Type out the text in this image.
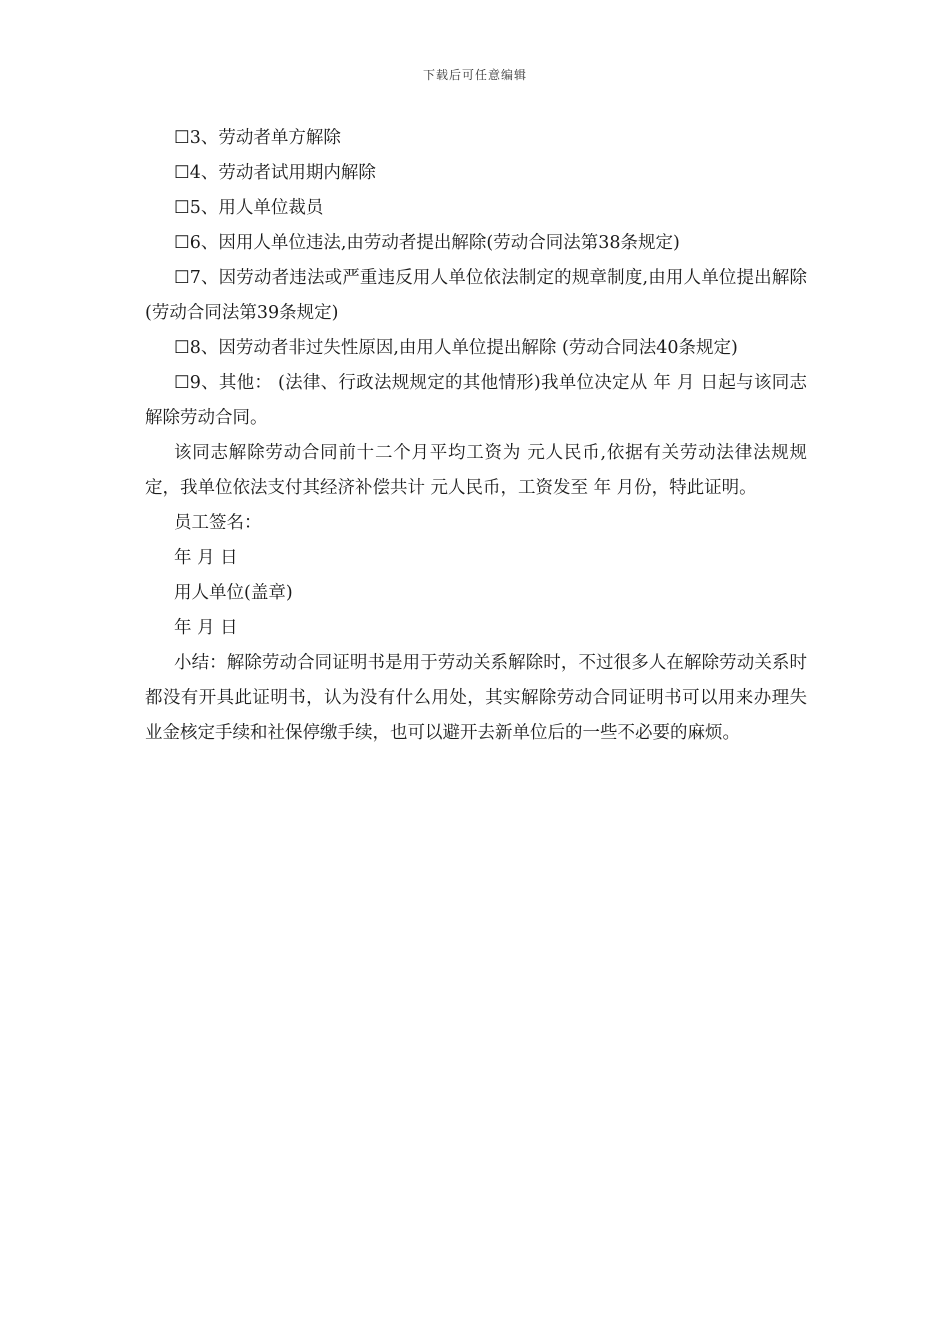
下载后可任意编辑

☐3、劳动者单方解除

☐4、劳动者试用期内解除

☐5、用人单位裁员

☐6、因用人单位违法,由劳动者提出解除(劳动合同法第38条规定)

☐7、因劳动者违法或严重违反用人单位依法制定的规章制度,由用人单位提出解除(劳动合同法第39条规定)

☐8、因劳动者非过失性原因,由用人单位提出解除 (劳动合同法40条规定)

☐9、其他： (法律、行政法规规定的其他情形)我单位决定从 年 月 日起与该同志解除劳动合同。

该同志解除劳动合同前十二个月平均工资为 元人民币,依据有关劳动法律法规规定，我单位依法支付其经济补偿共计 元人民币，工资发至 年 月份，特此证明。

员工签名：

年 月 日

用人单位(盖章)

年 月 日

小结：解除劳动合同证明书是用于劳动关系解除时，不过很多人在解除劳动关系时都没有开具此证明书，认为没有什么用处，其实解除劳动合同证明书可以用来办理失业金核定手续和社保停缴手续，也可以避开去新单位后的一些不必要的麻烦。
